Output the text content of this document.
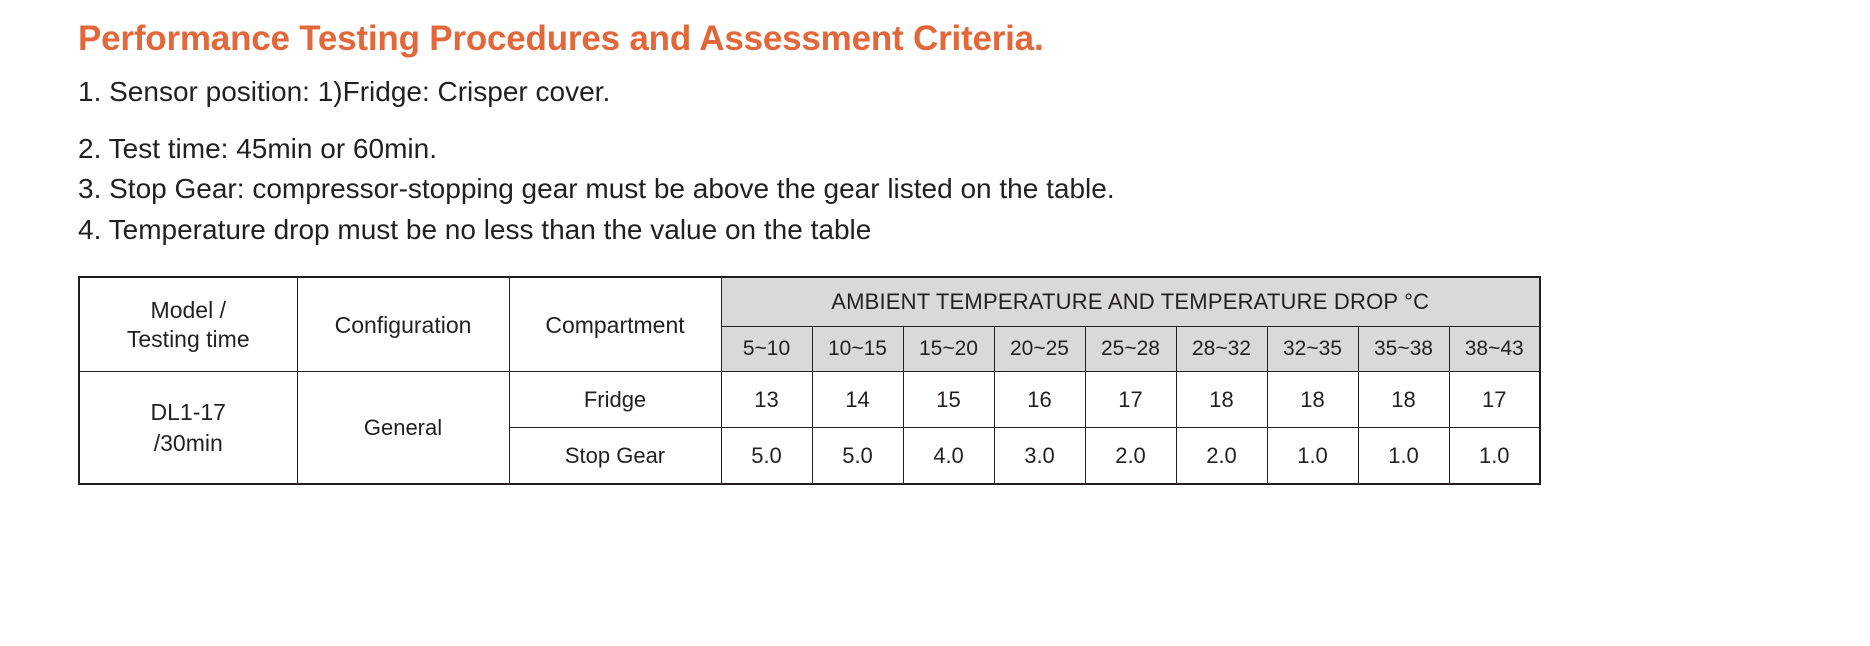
Performance Testing Procedures and Assessment Criteria.
1. Sensor position: 1)Fridge: Crisper cover.
2. Test time: 45min or 60min.
3. Stop Gear: compressor-stopping gear must be above the gear listed on the table.
4. Temperature drop must be no less than the value on the table
Model /
Testing time	Configuration	Compartment	AMBIENT TEMPERATURE AND TEMPERATURE DROP °C								
			5~10	10~15	15~20	20~25	25~28	28~32	32~35	35~38	38~43

DL1-17
/30min	General	Fridge	13	14	15	16	17	18	18	18	17
		Stop Gear	5.0	5.0	4.0	3.0	2.0	2.0	1.0	1.0	1.0
